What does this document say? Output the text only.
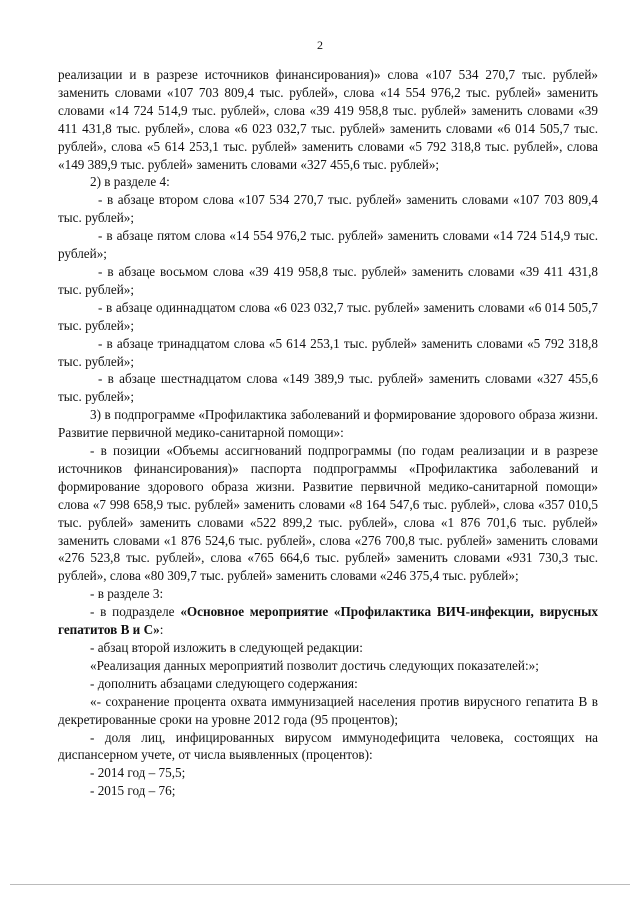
2

реализации и в разрезе источников финансирования)» слова «107 534 270,7 тыс. рублей» заменить словами «107 703 809,4 тыс. рублей», слова «14 554 976,2 тыс. рублей» заменить словами «14 724 514,9 тыс. рублей», слова «39 419 958,8 тыс. рублей» заменить словами «39 411 431,8 тыс. рублей», слова «6 023 032,7 тыс. рублей» заменить словами «6 014 505,7 тыс. рублей», слова «5 614 253,1 тыс. рублей» заменить словами «5 792 318,8 тыс. рублей», слова «149 389,9 тыс. рублей» заменить словами «327 455,6 тыс. рублей»;

2) в разделе 4:

- в абзаце втором слова «107 534 270,7 тыс. рублей» заменить словами «107 703 809,4 тыс. рублей»;

- в абзаце пятом слова «14 554 976,2 тыс. рублей» заменить словами «14 724 514,9 тыс. рублей»;

- в абзаце восьмом слова «39 419 958,8 тыс. рублей» заменить словами «39 411 431,8 тыс. рублей»;

- в абзаце одиннадцатом слова «6 023 032,7 тыс. рублей» заменить словами «6 014 505,7 тыс. рублей»;

- в абзаце тринадцатом слова «5 614 253,1 тыс. рублей» заменить словами «5 792 318,8 тыс. рублей»;

- в абзаце шестнадцатом слова «149 389,9 тыс. рублей» заменить словами «327 455,6 тыс. рублей»;

3) в подпрограмме «Профилактика заболеваний и формирование здорового образа жизни. Развитие первичной медико-санитарной помощи»:

- в позиции «Объемы ассигнований подпрограммы (по годам реализации и в разрезе источников финансирования)» паспорта подпрограммы «Профилактика заболеваний и формирование здорового образа жизни. Развитие первичной медико-санитарной помощи» слова «7 998 658,9 тыс. рублей» заменить словами «8 164 547,6 тыс. рублей», слова «357 010,5 тыс. рублей» заменить словами «522 899,2 тыс. рублей», слова «1 876 701,6 тыс. рублей» заменить словами «1 876 524,6 тыс. рублей», слова «276 700,8 тыс. рублей» заменить словами «276 523,8 тыс. рублей», слова «765 664,6 тыс. рублей» заменить словами «931 730,3 тыс. рублей», слова «80 309,7 тыс. рублей» заменить словами «246 375,4 тыс. рублей»;

- в разделе 3:

- в подразделе «Основное мероприятие «Профилактика ВИЧ-инфекции, вирусных гепатитов В и С»:

- абзац второй изложить в следующей редакции:

«Реализация данных мероприятий позволит достичь следующих показателей:»;

- дополнить абзацами следующего содержания:

«- сохранение процента охвата иммунизацией населения против вирусного гепатита В в декретированные сроки на уровне 2012 года (95 процентов);

- доля лиц, инфицированных вирусом иммунодефицита человека, состоящих на диспансерном учете, от числа выявленных (процентов):

- 2014 год – 75,5;

- 2015 год – 76;
